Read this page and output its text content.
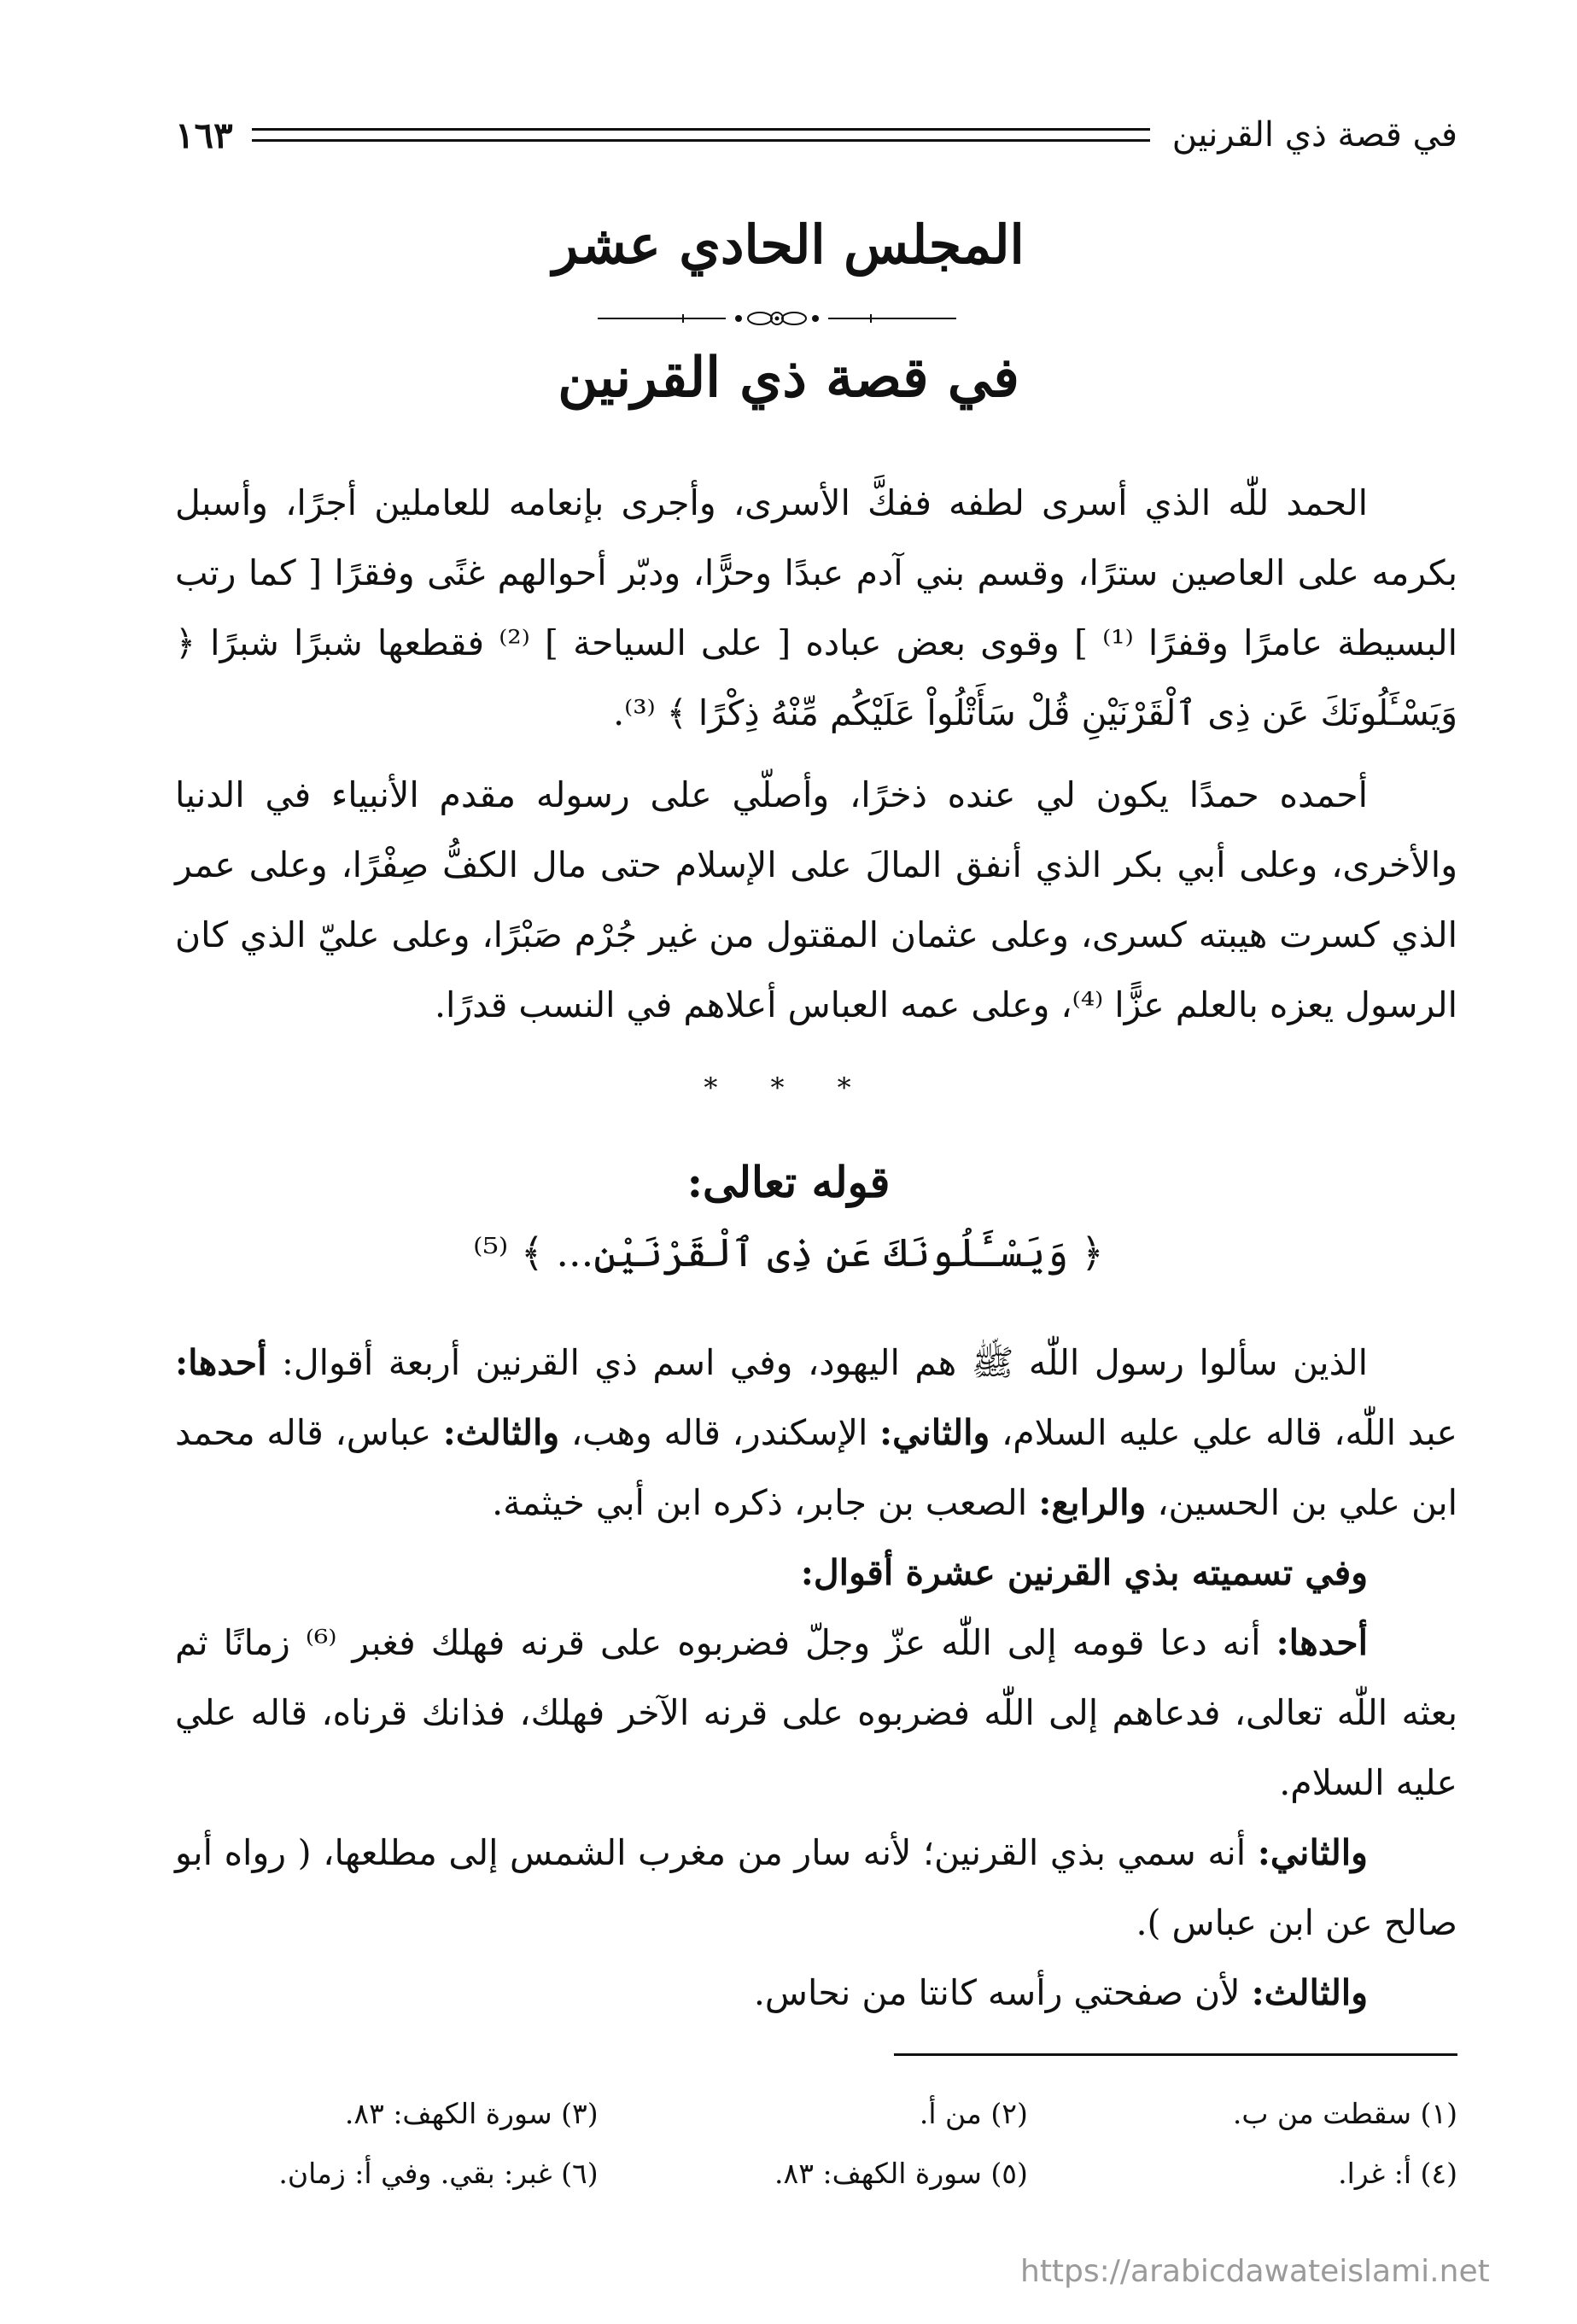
في قصة ذي القرنين
١٦٣
المجلس الحادي عشر
في قصة ذي القرنين

الحمد للّٰه الذي أسرى لطفه ففكَّ الأسرى، وأجرى بإنعامه للعاملين أجرًا، وأسبل بكرمه على العاصين سترًا، وقسم بني آدم عبدًا وحرًّا، ودبّر أحوالهم غنًى وفقرًا [ كما رتب البسيطة عامرًا وقفرًا ⁽¹⁾ ] وقوى بعض عباده [ على السياحة ] ⁽²⁾ فقطعها شبرًا شبرًا ﴿ وَيَسْـَٔلُونَكَ عَن ذِى ٱلْقَرْنَيْنِ قُلْ سَأَتْلُواْ عَلَيْكُم مِّنْهُ ذِكْرًا ﴾ ⁽³⁾.

أحمده حمدًا يكون لي عنده ذخرًا، وأصلّي على رسوله مقدم الأنبياء في الدنيا والأخرى، وعلى أبي بكر الذي أنفق المالَ على الإسلام حتى مال الكفُّ صِفْرًا، وعلى عمر الذي كسرت هيبته كسرى، وعلى عثمان المقتول من غير جُرْم صَبْرًا، وعلى عليّ الذي كان الرسول يعزه بالعلم عزًّا ⁽⁴⁾، وعلى عمه العباس أعلاهم في النسب قدرًا.

* * *
قوله تعالى:
﴿ وَيَسْـَٔلُونَكَ عَن ذِى ٱلْقَرْنَيْنِ... ﴾ ⁽⁵⁾

الذين سألوا رسول اللّٰه ﷺ هم اليهود، وفي اسم ذي القرنين أربعة أقوال: أحدها: عبد اللّٰه، قاله علي عليه السلام، والثاني: الإسكندر، قاله وهب، والثالث: عباس، قاله محمد ابن علي بن الحسين، والرابع: الصعب بن جابر، ذكره ابن أبي خيثمة.

وفي تسميته بذي القرنين عشرة أقوال:

أحدها: أنه دعا قومه إلى اللّٰه عزّ وجلّ فضربوه على قرنه فهلك فغبر ⁽⁶⁾ زمانًا ثم بعثه اللّٰه تعالى، فدعاهم إلى اللّٰه فضربوه على قرنه الآخر فهلك، فذانك قرناه، قاله علي عليه السلام.

والثاني: أنه سمي بذي القرنين؛ لأنه سار من مغرب الشمس إلى مطلعها، ( رواه أبو صالح عن ابن عباس ).

والثالث: لأن صفحتي رأسه كانتا من نحاس.

(١) سقطت من ب.
(٢) من أ.
(٣) سورة الكهف: ٨٣.
(٤) أ: غرا.
(٥) سورة الكهف: ٨٣.
(٦) غبر: بقي. وفي أ: زمان.
https://arabicdawateislami.net
